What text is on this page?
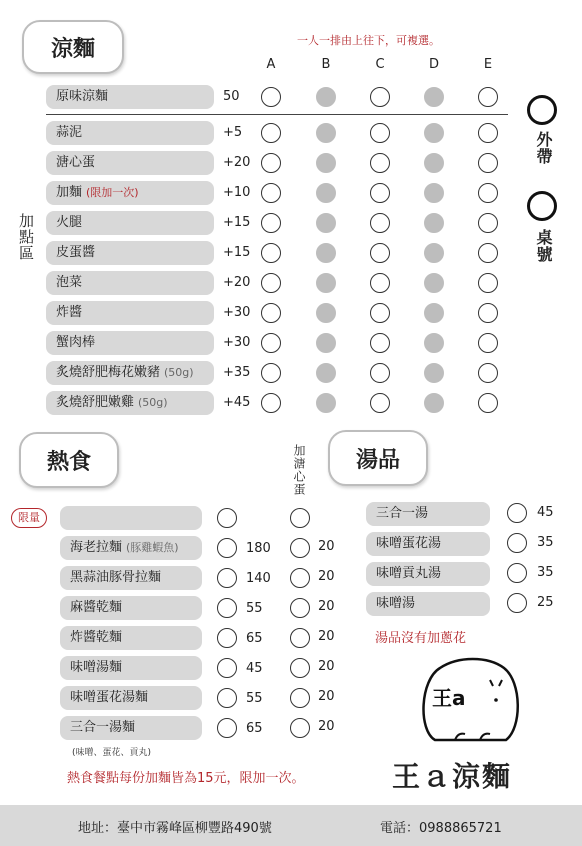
涼麵	一人一排由上往下，可複選。
A	B	C	D	E
原味涼麵	50
蒜泥	+5
溏心蛋	+20
加麵 (限加一次)	+10
火腿	+15
皮蛋醬	+15
泡菜	+20
炸醬	+30
蟹肉棒	+30
炙燒舒肥梅花嫩豬 (50g)	+35
炙燒舒肥嫩雞 (50g)	+45
加點區
外帶
桌號
熱食	加溏心蛋
限量
海老拉麵 (豚雞蝦魚)	180	20
黑蒜油豚骨拉麵	140	20
麻醬乾麵	55	20
炸醬乾麵	65	20
味噌湯麵	45	20
味噌蛋花湯麵	55	20
三合一湯麵	65	20
(味噌、蛋花、貢丸)
熱食餐點每份加麵皆為15元，限加一次。
湯品
三合一湯	45
味噌蛋花湯	35
味噌貢丸湯	35
味噌湯	25
湯品沒有加蔥花
王a
王ａ涼麵
地址：臺中市霧峰區柳豐路490號	電話：0988865721
